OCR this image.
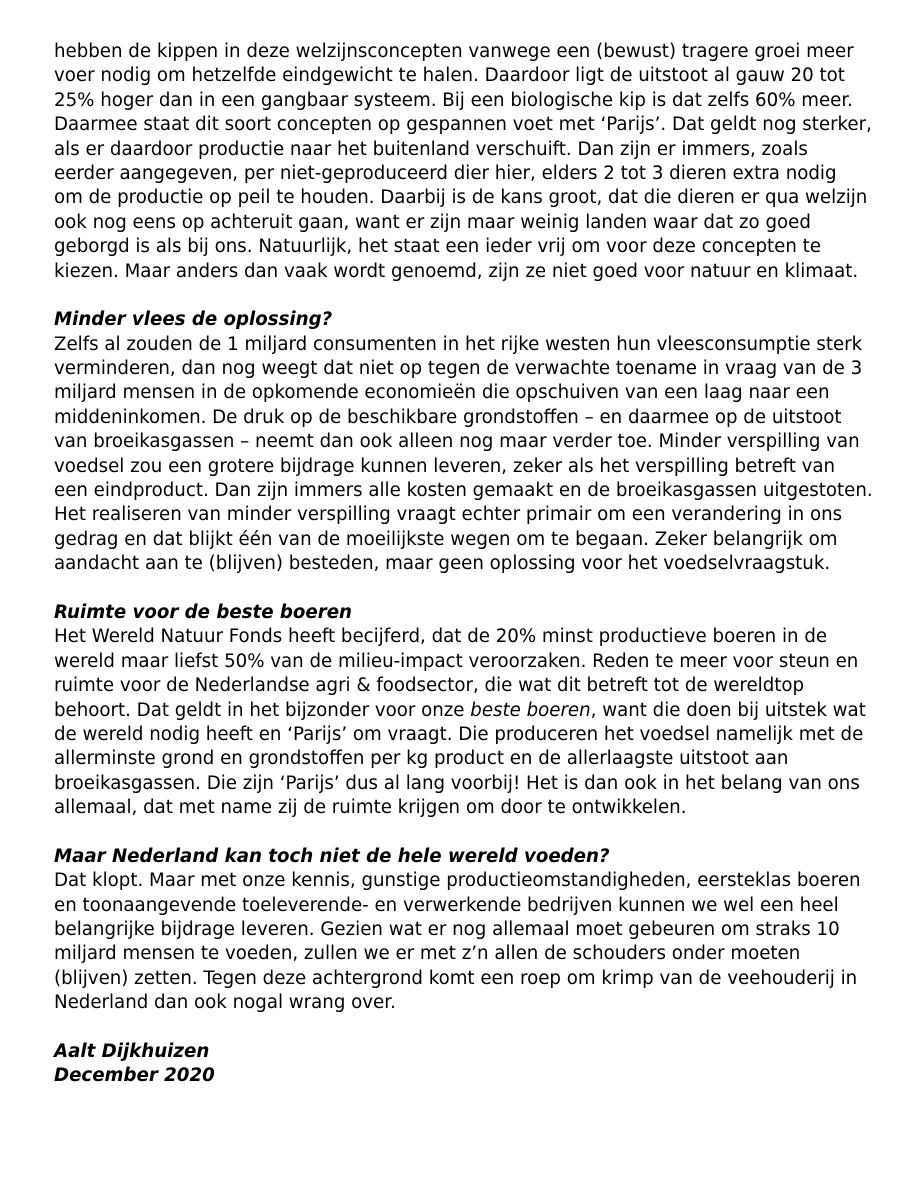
hebben de kippen in deze welzijnsconcepten vanwege een (bewust) tragere groei meer
voer nodig om hetzelfde eindgewicht te halen. Daardoor ligt de uitstoot al gauw 20 tot
25% hoger dan in een gangbaar systeem. Bij een biologische kip is dat zelfs 60% meer.
Daarmee staat dit soort concepten op gespannen voet met ‘Parijs’. Dat geldt nog sterker,
als er daardoor productie naar het buitenland verschuift. Dan zijn er immers, zoals
eerder aangegeven, per niet-geproduceerd dier hier, elders 2 tot 3 dieren extra nodig
om de productie op peil te houden. Daarbij is de kans groot, dat die dieren er qua welzijn
ook nog eens op achteruit gaan, want er zijn maar weinig landen waar dat zo goed
geborgd is als bij ons. Natuurlijk, het staat een ieder vrij om voor deze concepten te
kiezen. Maar anders dan vaak wordt genoemd, zijn ze niet goed voor natuur en klimaat.
Minder vlees de oplossing?
Zelfs al zouden de 1 miljard consumenten in het rijke westen hun vleesconsumptie sterk
verminderen, dan nog weegt dat niet op tegen de verwachte toename in vraag van de 3
miljard mensen in de opkomende economieën die opschuiven van een laag naar een
middeninkomen. De druk op de beschikbare grondstoffen – en daarmee op de uitstoot
van broeikasgassen – neemt dan ook alleen nog maar verder toe. Minder verspilling van
voedsel zou een grotere bijdrage kunnen leveren, zeker als het verspilling betreft van
een eindproduct. Dan zijn immers alle kosten gemaakt en de broeikasgassen uitgestoten.
Het realiseren van minder verspilling vraagt echter primair om een verandering in ons
gedrag en dat blijkt één van de moeilijkste wegen om te begaan. Zeker belangrijk om
aandacht aan te (blijven) besteden, maar geen oplossing voor het voedselvraagstuk.
Ruimte voor de beste boeren
Het Wereld Natuur Fonds heeft becijferd, dat de 20% minst productieve boeren in de
wereld maar liefst 50% van de milieu-impact veroorzaken. Reden te meer voor steun en
ruimte voor de Nederlandse agri & foodsector, die wat dit betreft tot de wereldtop
behoort. Dat geldt in het bijzonder voor onze beste boeren, want die doen bij uitstek wat
de wereld nodig heeft en ‘Parijs’ om vraagt. Die produceren het voedsel namelijk met de
allerminste grond en grondstoffen per kg product en de allerlaagste uitstoot aan
broeikasgassen. Die zijn ‘Parijs’ dus al lang voorbij! Het is dan ook in het belang van ons
allemaal, dat met name zij de ruimte krijgen om door te ontwikkelen.
Maar Nederland kan toch niet de hele wereld voeden?
Dat klopt. Maar met onze kennis, gunstige productieomstandigheden, eersteklas boeren
en toonaangevende toeleverende- en verwerkende bedrijven kunnen we wel een heel
belangrijke bijdrage leveren. Gezien wat er nog allemaal moet gebeuren om straks 10
miljard mensen te voeden, zullen we er met z’n allen de schouders onder moeten
(blijven) zetten. Tegen deze achtergrond komt een roep om krimp van de veehouderij in
Nederland dan ook nogal wrang over.
Aalt Dijkhuizen
December 2020
